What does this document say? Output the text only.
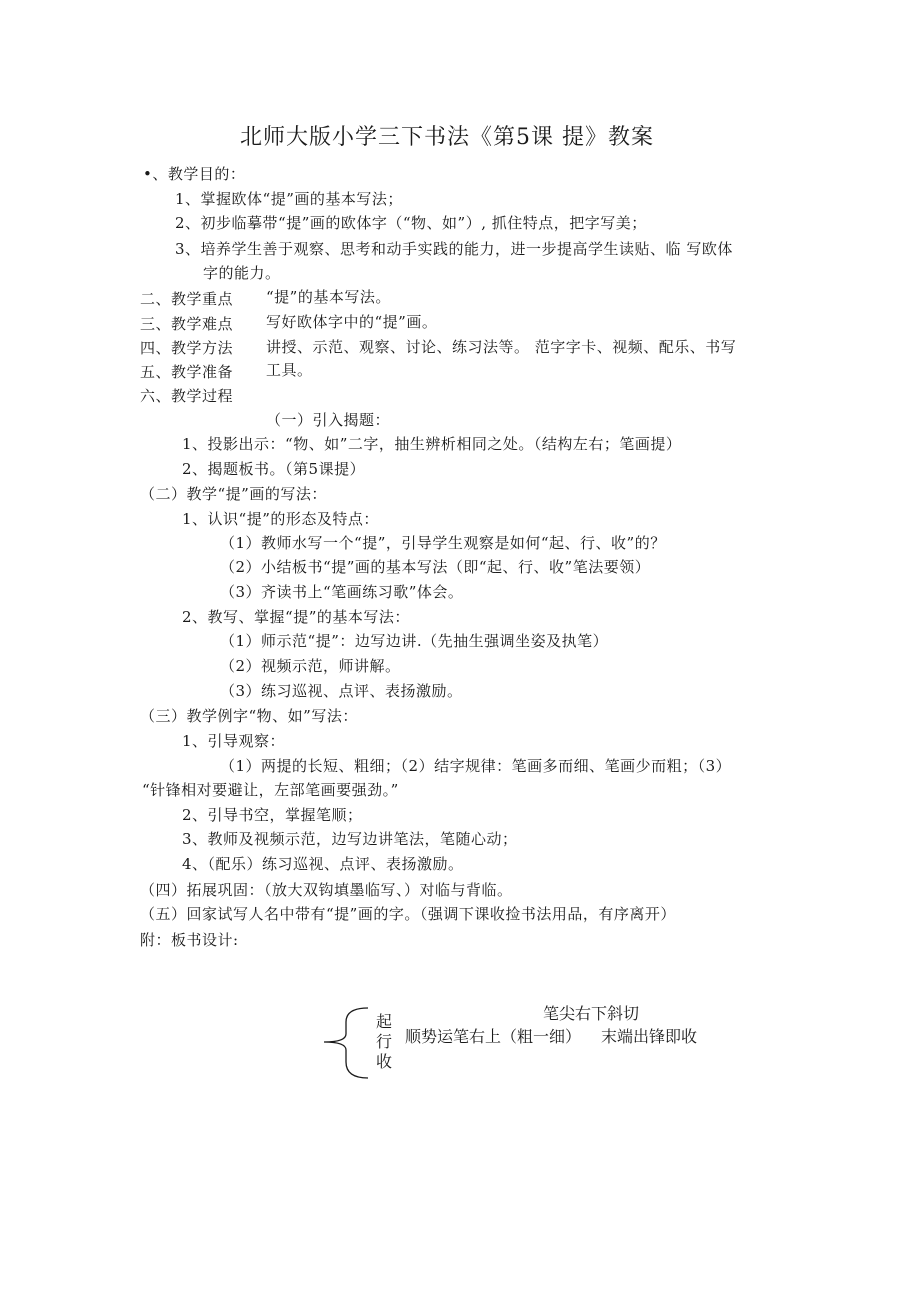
北师大版小学三下书法《第5课 提》教案
•、教学目的：
1、掌握欧体“提”画的基本写法；
2、初步临摹带“提”画的欧体字（“物、如”）, 抓住特点，把字写美；
3、培养学生善于观察、思考和动手实践的能力，进一步提高学生读贴、临 写欧体
字的能力。
二、教学重点 “提”的基本写法。
三、教学难点 写好欧体字中的“提”画。
四、教学方法 讲授、示范、观察、讨论、练习法等。 范字字卡、视频、配乐、书写
五、教学准备 工具。
六、教学过程
（一）引入揭题：
1、投影出示：“物、如”二字，抽生辨析相同之处。（结构左右；笔画提）
2、揭题板书。（第5课提）
（二）教学“提”画的写法：
1、认识“提”的形态及特点：
（1）教师水写一个“提”，引导学生观察是如何“起、行、收”的？
（2）小结板书“提”画的基本写法（即“起、行、收”笔法要领）
（3）齐读书上“笔画练习歌”体会。
2、教写、掌握“提”的基本写法：
（1）师示范“提”：边写边讲.（先抽生强调坐姿及执笔）
（2）视频示范，师讲解。
（3）练习巡视、点评、表扬激励。
（三）教学例字“物、如”写法：
1、引导观察：
（1）两提的长短、粗细；（2）结字规律：笔画多而细、笔画少而粗；（3）
“针锋相对要避让，左部笔画要强劲。”
2、引导书空，掌握笔顺；
3、教师及视频示范，边写边讲笔法，笔随心动；
4、（配乐）练习巡视、点评、表扬激励。
（四）拓展巩固：（放大双钩填墨临写、）对临与背临。
（五）回家试写人名中带有“提”画的字。（强调下课收捡书法用品，有序离开）
附：板书设计:
起
行
收
笔尖右下斜切
顺势运笔右上（粗一细） 末端出锋即收
